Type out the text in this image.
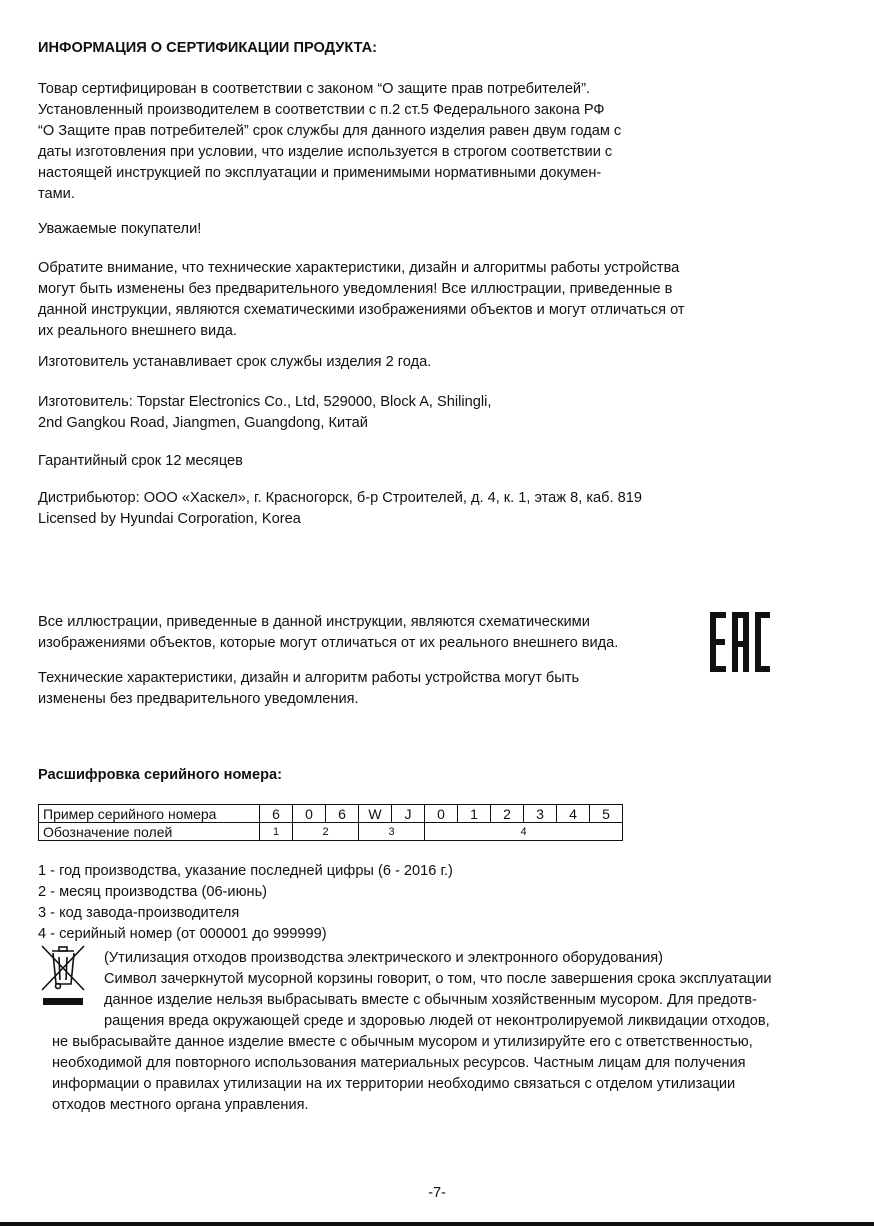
ИНФОРМАЦИЯ О СЕРТИФИКАЦИИ ПРОДУКТА:

Товар сертифицирован в соответствии с законом “О защите прав потребителей”.
Установленный производителем в соответствии с п.2 ст.5 Федерального закона РФ
“О Защите прав потребителей” срок службы для данного изделия равен двум годам с
даты изготовления при условии, что изделие используется в строгом соответствии с
настоящей инструкцией по эксплуатации и применимыми нормативными докумен-
тами.

Уважаемые покупатели!

Обратите внимание, что технические характеристики, дизайн и алгоритмы работы устройства
могут быть изменены без предварительного уведомления! Все иллюстрации, приведенные в
данной инструкции, являются схематическими изображениями объектов и могут отличаться от
их реального внешнего вида.

Изготовитель устанавливает срок службы изделия 2 года.

Изготовитель: Topstar Electronics Co., Ltd, 529000, Block A, Shilingli,
2nd Gangkou Road, Jiangmen, Guangdong, Китай

Гарантийный срок 12 месяцев

Дистрибьютор: ООО «Хаскел», г. Красногорск, б-р Строителей, д. 4, к. 1, этаж 8, каб. 819
Licensed by Hyundai Corporation, Korea

Все иллюстрации, приведенные в данной инструкции, являются схематическими
изображениями объектов, которые могут отличаться от их реального внешнего вида.

Технические характеристики, дизайн и алгоритм работы устройства могут быть
изменены без предварительного уведомления.

Расшифровка серийного номера:

Пример серийного номера	6	0	6	W	J	0	1	2	3	4	5
Обозначение полей	1	2		3		4					

1 - год производства, указание последней цифры (6 - 2016 г.)
2 - месяц производства (06-июнь)
3 - код завода-производителя
4 - серийный номер (от 000001 до 999999)

(Утилизация отходов производства электрического и электронного оборудования)
Символ зачеркнутой мусорной корзины говорит, о том, что после завершения срока эксплуатации
данное изделие нельзя выбрасывать вместе с обычным хозяйственным мусором. Для предотв-
ращения вреда окружающей среде и здоровью людей от неконтролируемой ликвидации отходов,

не выбрасывайте данное изделие вместе с обычным мусором и утилизируйте его с ответственностью,
необходимой для повторного использования материальных ресурсов. Частным лицам для получения
информации о правилах утилизации на их территории необходимо связаться с отделом утилизации
отходов местного органа управления.

-7-
